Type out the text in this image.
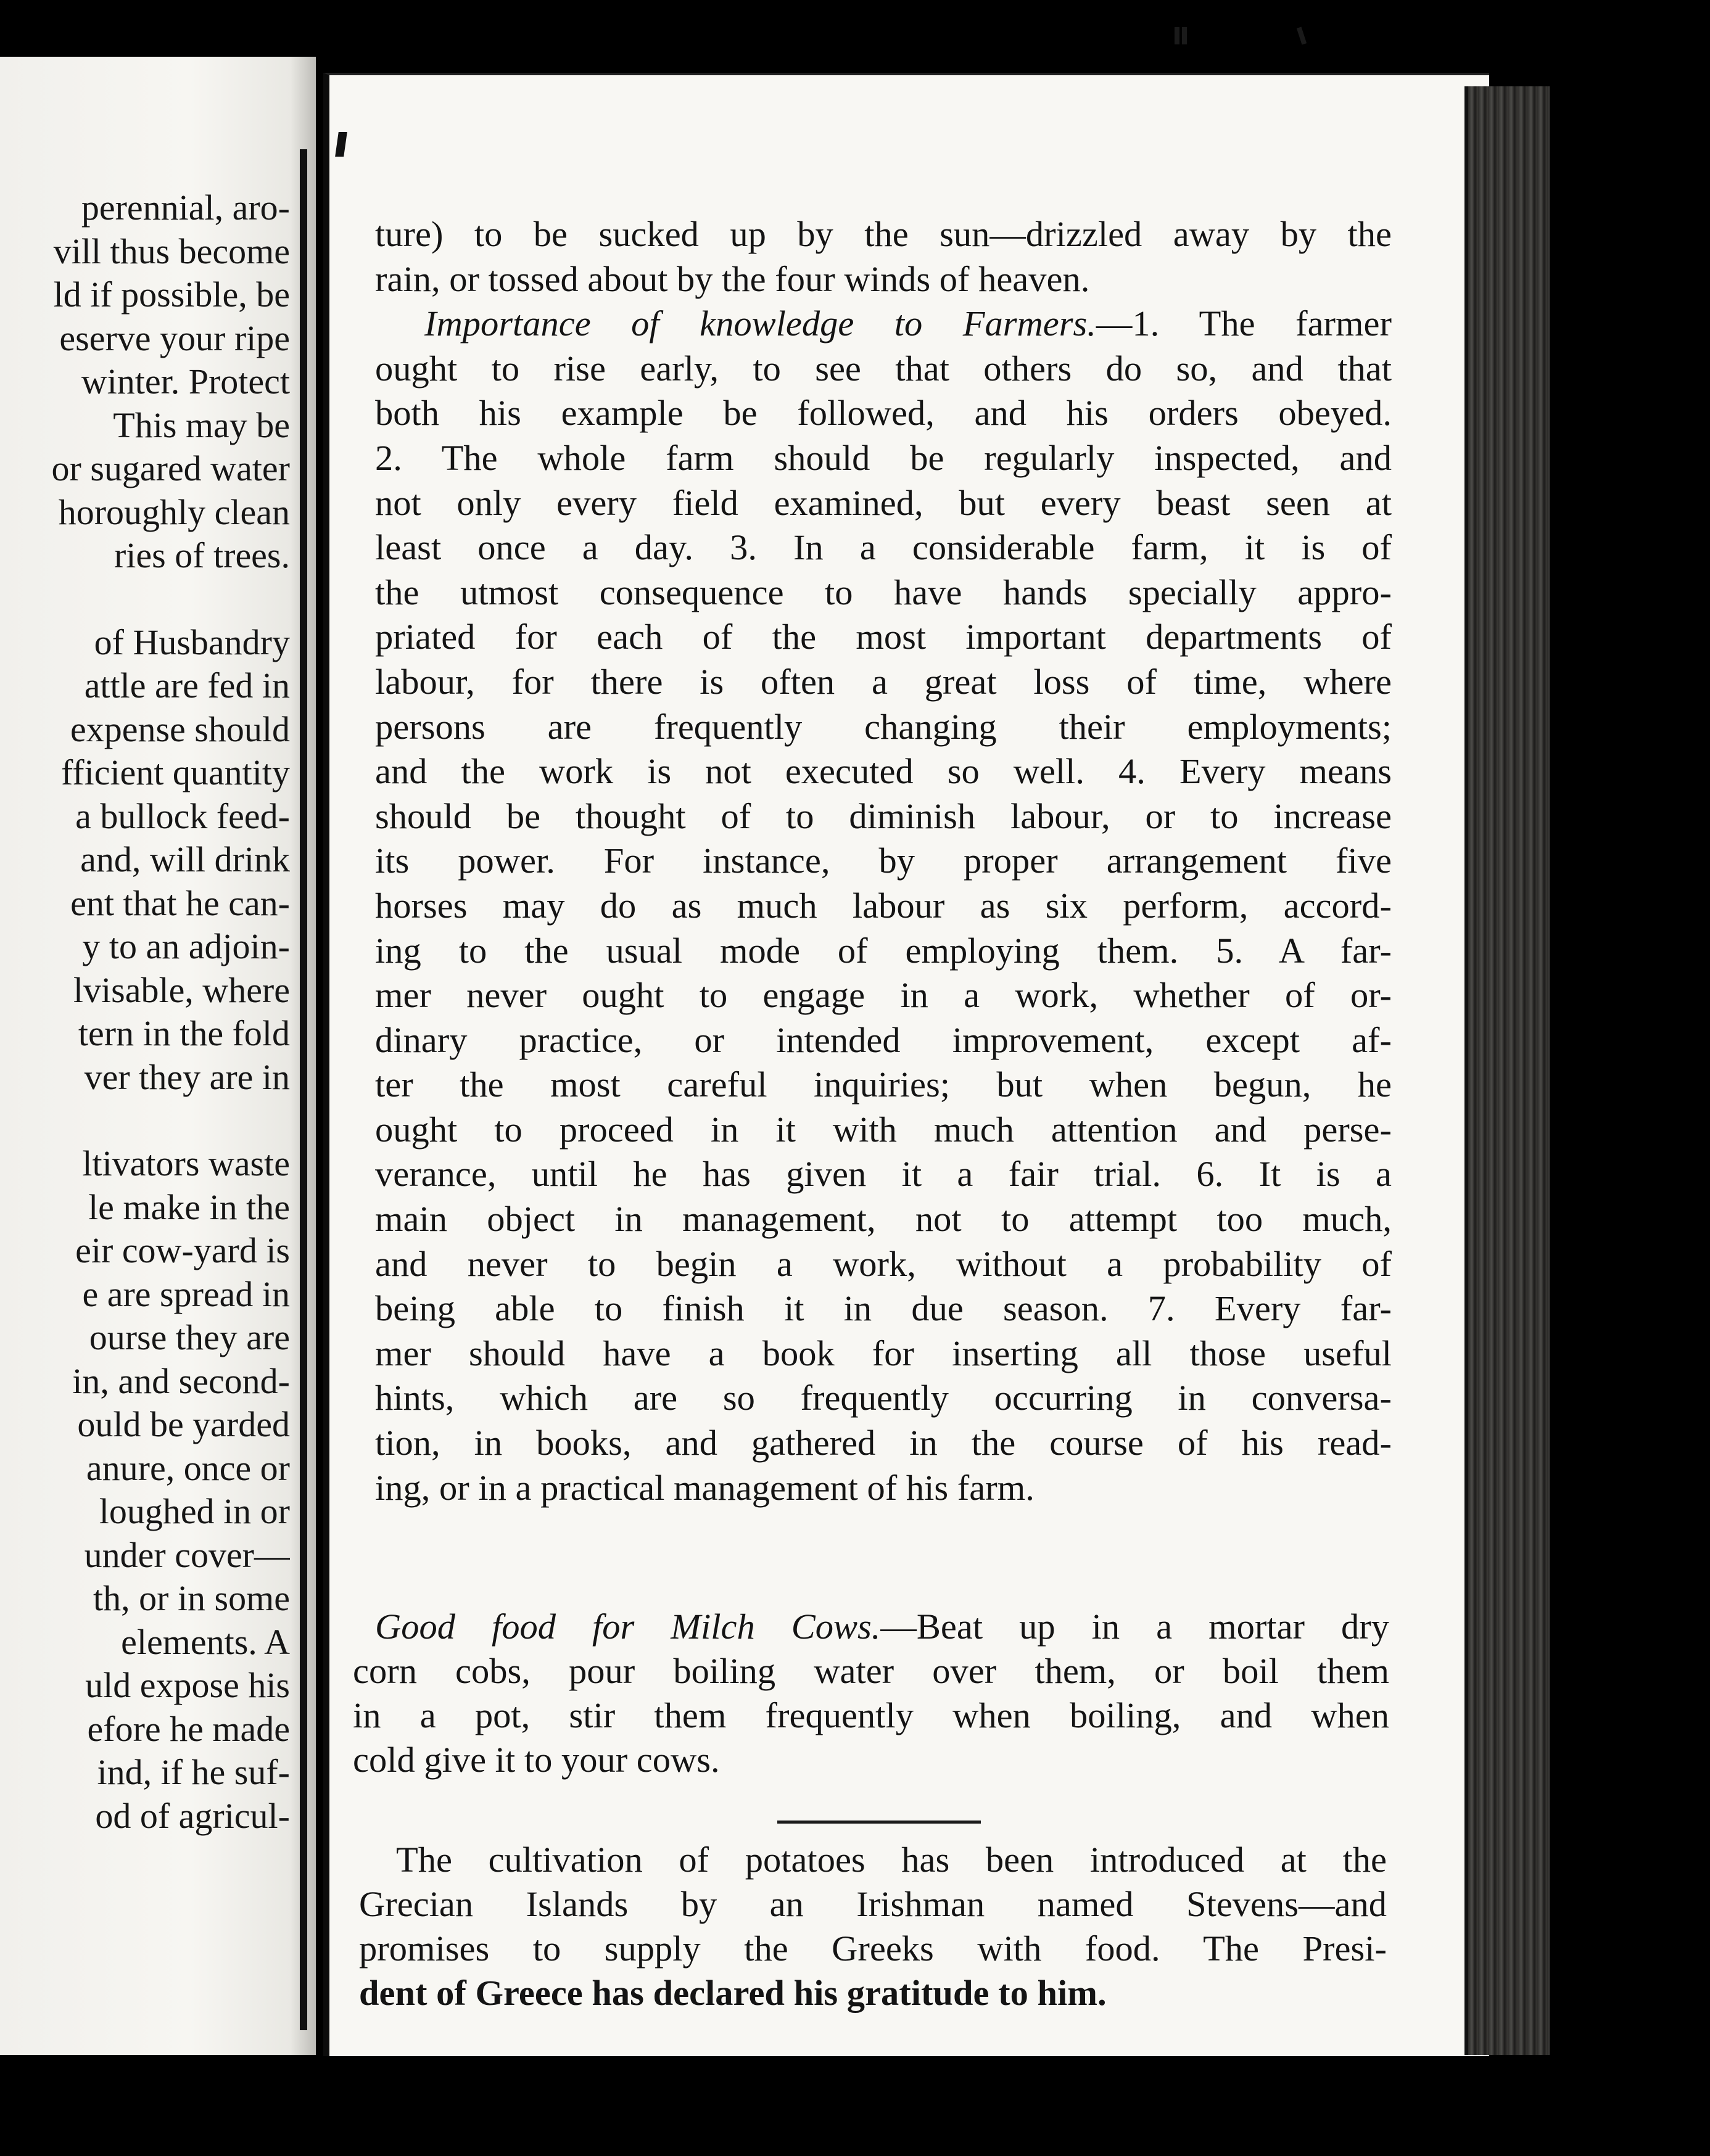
perennial, aro-
vill thus become
ld if possible, be
eserve your ripe
winter. Protect
This may be
or sugared water
horoughly clean
ries of trees.
of Husbandry
attle are fed in
expense should
fficient quantity
a bullock feed-
and, will drink
ent that he can-
y to an adjoin-
lvisable, where
tern in the fold
ver they are in
ltivators waste
le make in the
eir cow-yard is
e are spread in
ourse they are
in, and second-
ould be yarded
anure, once or
loughed in or
under cover—
th, or in some
elements. A
uld expose his
efore he made
ind, if he suf-
od of agricul-
ture) to be sucked up by the sun—drizzled away by the
rain, or tossed about by the four winds of heaven.
Importance of knowledge to Farmers.—1. The farmer
ought to rise early, to see that others do so, and that
both his example be followed, and his orders obeyed.
2. The whole farm should be regularly inspected, and
not only every field examined, but every beast seen at
least once a day. 3. In a considerable farm, it is of
the utmost consequence to have hands specially appro-
priated for each of the most important departments of
labour, for there is often a great loss of time, where
persons are frequently changing their employments;
and the work is not executed so well. 4. Every means
should be thought of to diminish labour, or to increase
its power. For instance, by proper arrangement five
horses may do as much labour as six perform, accord-
ing to the usual mode of employing them. 5. A far-
mer never ought to engage in a work, whether of or-
dinary practice, or intended improvement, except af-
ter the most careful inquiries; but when begun, he
ought to proceed in it with much attention and perse-
verance, until he has given it a fair trial. 6. It is a
main object in management, not to attempt too much,
and never to begin a work, without a probability of
being able to finish it in due season. 7. Every far-
mer should have a book for inserting all those useful
hints, which are so frequently occurring in conversa-
tion, in books, and gathered in the course of his read-
ing, or in a practical management of his farm.
Good food for Milch Cows.—Beat up in a mortar dry
corn cobs, pour boiling water over them, or boil them
in a pot, stir them frequently when boiling, and when
cold give it to your cows.
The cultivation of potatoes has been introduced at the
Grecian Islands by an Irishman named Stevens—and
promises to supply the Greeks with food. The Presi-
dent of Greece has declared his gratitude to him.
